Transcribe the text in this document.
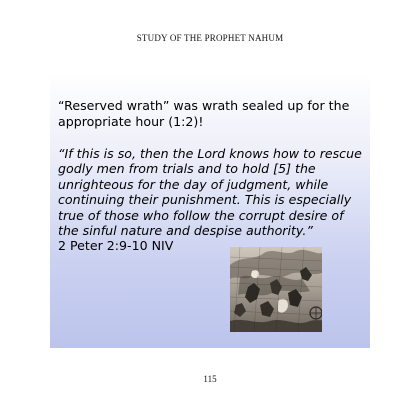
STUDY OF THE PROPHET NAHUM

“Reserved wrath” was wrath sealed up for the appropriate hour (1:2)!

“If this is so, then the Lord knows how to rescue godly men from trials and to hold [5] the unrighteous for the day of judgment, while continuing their punishment. This is especially true of those who follow the corrupt desire of the sinful nature and despise authority.”

2 Peter 2:9-10 NIV

115
